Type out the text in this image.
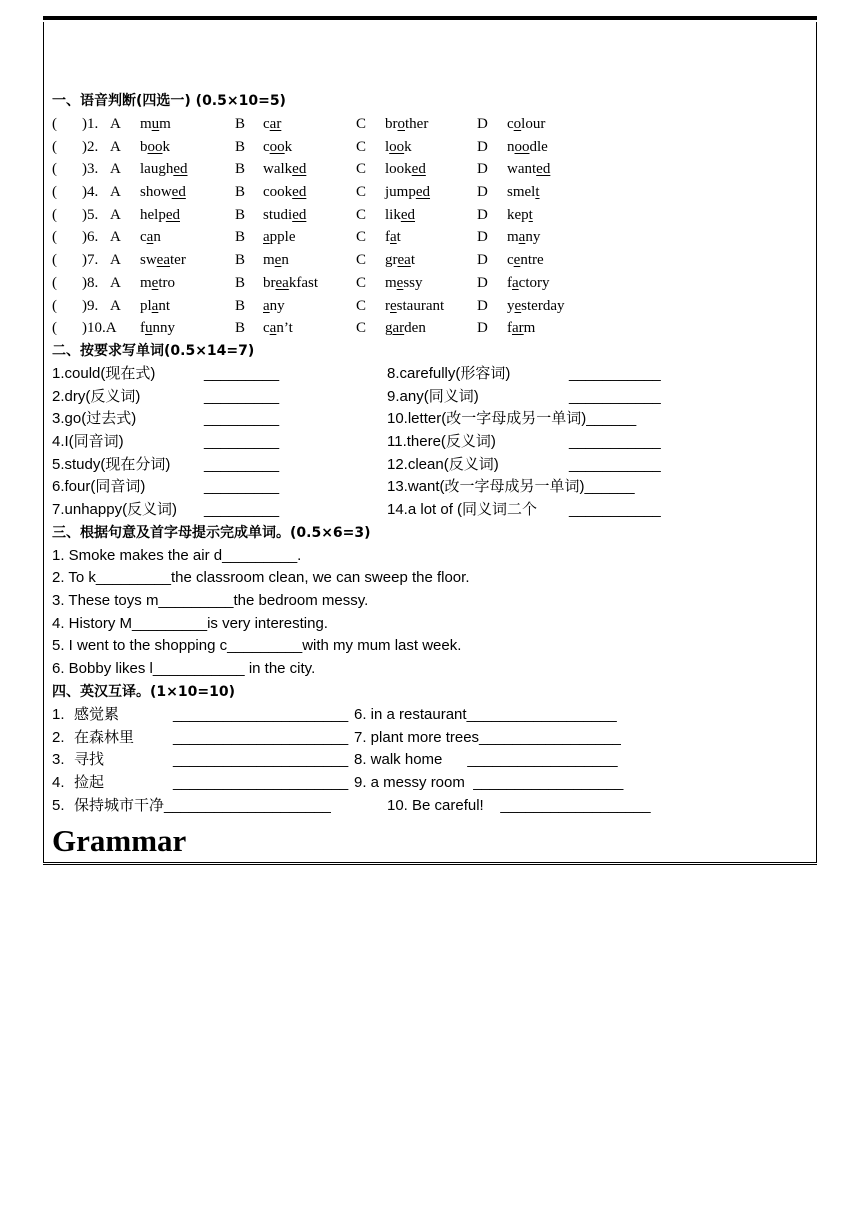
一、语音判断(四选一) (0.5×10=5)
( )1. A mum	B car	C brother	D colour
( )2. A book	B cook	C look	D noodle
( )3. A laughed	B walked	C looked	D wanted
( )4. A showed	B cooked	C jumped	D smelt
( )5. A helped	B studied	C liked	D kept
( )6. A can	B apple	C fat	D many
( )7. A sweater	B men	C great	D centre
( )8. A metro	B breakfast	C messy	D factory
( )9. A plant	B any	C restaurant D yesterday
( )10.A funny	B can’t	C garden	D farm
二、按要求写单词(0.5×14=7)
1.could(现在式)	_________	8.carefully(形容词)	___________
2.dry(反义词)	_________	9.any(同义词)	___________
3.go(过去式)	_________	10.letter(改一字母成另一单词)______
4.I(同音词)	_________	11.there(反义词)	___________
5.study(现在分词) _________	12.clean(反义词)	___________
6.four(同音词)	_________	13.want(改一字母成另一单词)______
7.unhappy(反义词) _________	14.a lot of (同义词二个 ___________
三、根据句意及首字母提示完成单词。(0.5×6=3)
1. Smoke makes the air d_________.
2. To k_________the classroom clean, we can sweep the floor.
3. These toys m_________the bedroom messy.
4. History M_________is very interesting.
5. I went to the shopping c_________with my mum last week.
6. Bobby likes l___________ in the city.
四、英汉互译。(1×10=10)
1. 感觉累	_____________________ 6. in a restaurant__________________
2. 在森林里	_____________________ 7. plant more trees_________________
3. 寻找	_____________________ 8. walk home      __________________
4. 捡起	_____________________ 9. a messy room  __________________
5. 保持城市干净____________________	10. Be careful!    __________________
Grammar
